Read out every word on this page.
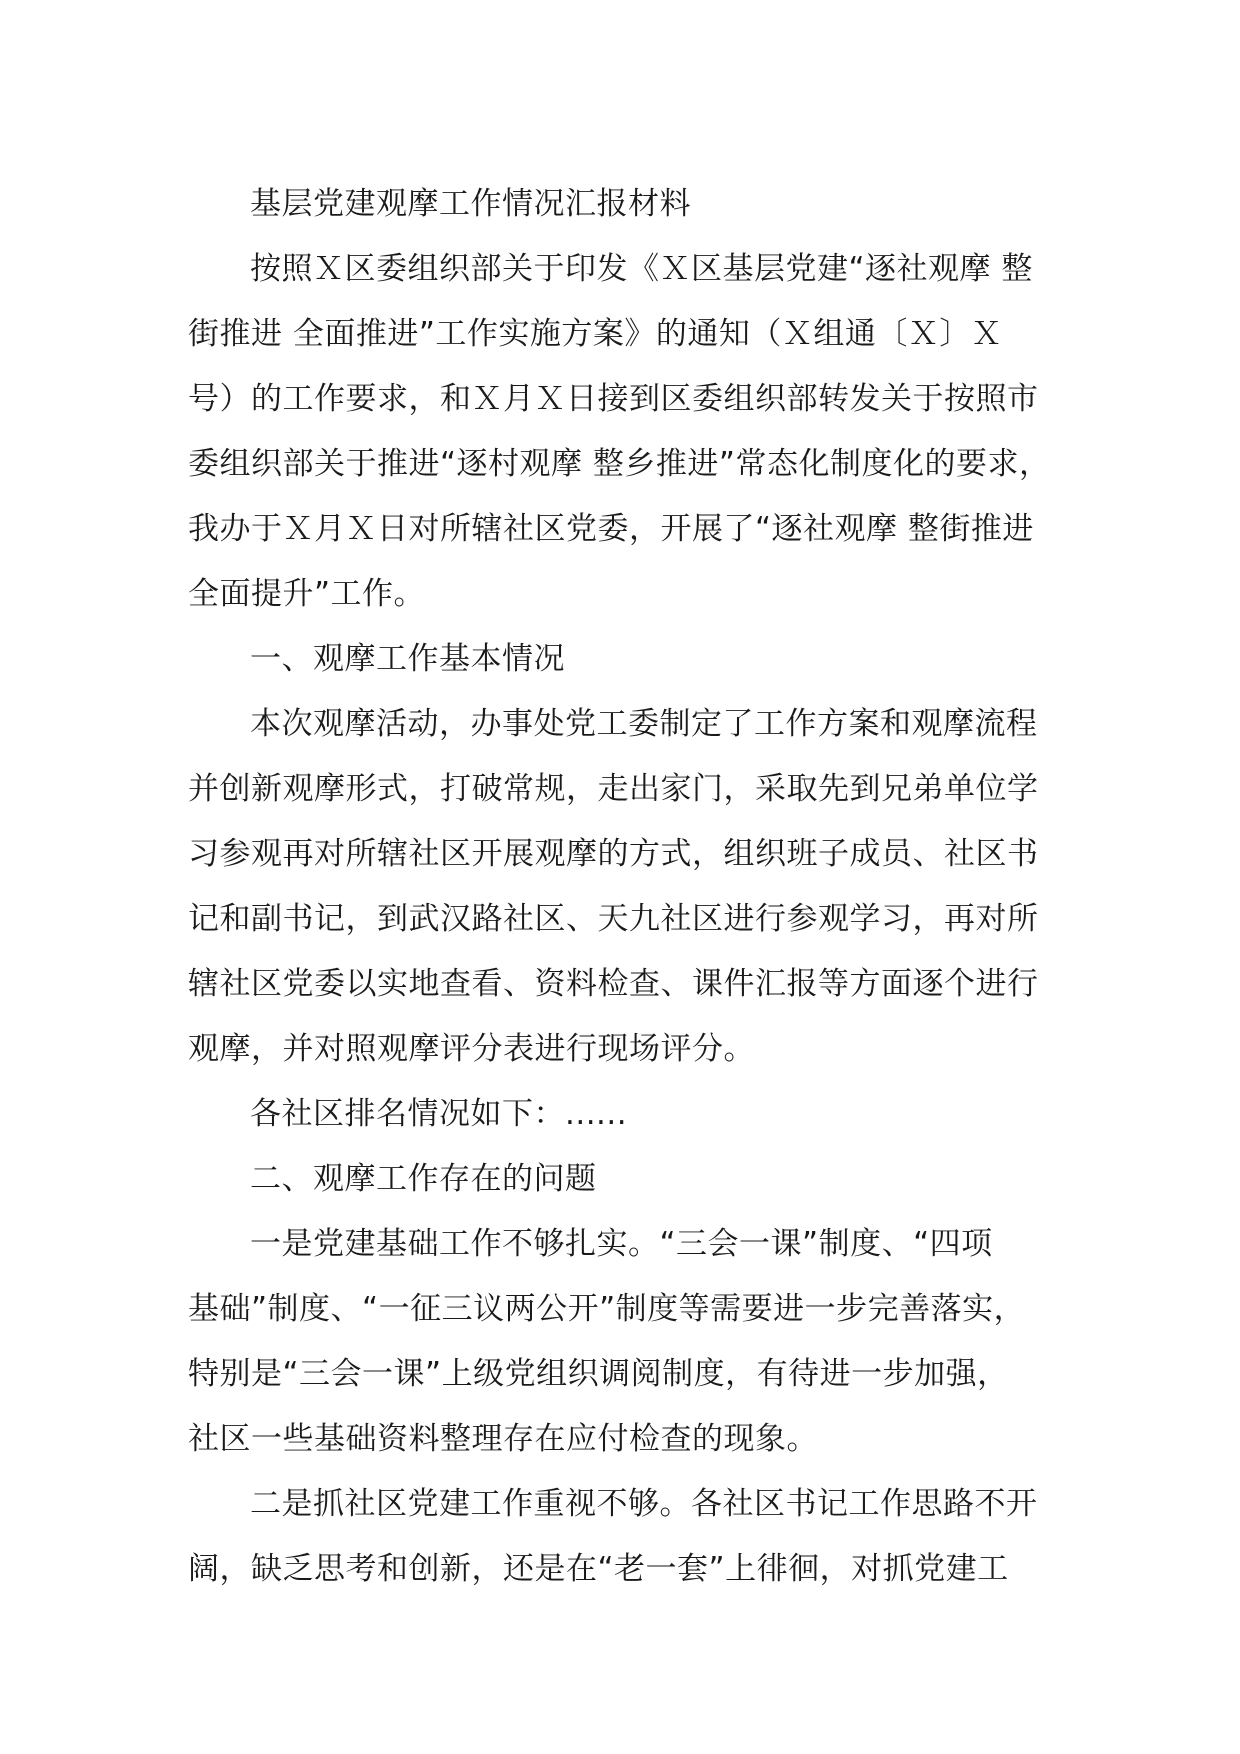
基层党建观摩工作情况汇报材料
按照Ｘ区委组织部关于印发《Ｘ区基层党建“逐社观摩 整
街推进 全面推进”工作实施方案》的通知（Ｘ组通〔Ｘ〕Ｘ
号）的工作要求，和Ｘ月Ｘ日接到区委组织部转发关于按照市
委组织部关于推进“逐村观摩 整乡推进”常态化制度化的要求，
我办于Ｘ月Ｘ日对所辖社区党委，开展了“逐社观摩 整街推进
全面提升”工作。
一、观摩工作基本情况
本次观摩活动，办事处党工委制定了工作方案和观摩流程
并创新观摩形式，打破常规，走出家门，采取先到兄弟单位学
习参观再对所辖社区开展观摩的方式，组织班子成员、社区书
记和副书记，到武汉路社区、天九社区进行参观学习，再对所
辖社区党委以实地查看、资料检查、课件汇报等方面逐个进行
观摩，并对照观摩评分表进行现场评分。
各社区排名情况如下：......
二、观摩工作存在的问题
一是党建基础工作不够扎实。“三会一课”制度、“四项
基础”制度、“一征三议两公开”制度等需要进一步完善落实，
特别是“三会一课”上级党组织调阅制度，有待进一步加强，
社区一些基础资料整理存在应付检查的现象。
二是抓社区党建工作重视不够。各社区书记工作思路不开
阔，缺乏思考和创新，还是在“老一套”上徘徊，对抓党建工
